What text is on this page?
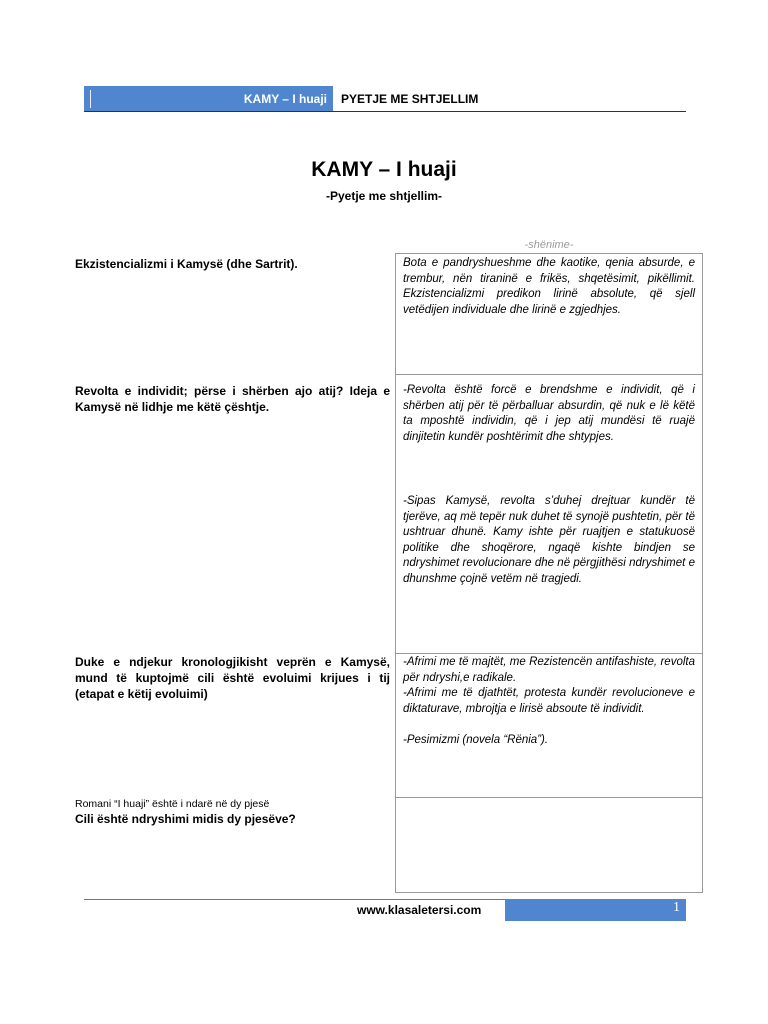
KAMY – I huaji PYETJE ME SHTJELLIM
KAMY – I huaji
-Pyetje me shtjellim-
-shënime-
Ekzistencializmi i Kamysë (dhe Sartrit).
Revolta e individit; përse i shërben ajo atij? Ideja e Kamysë në lidhje me këtë çështje.
Duke e ndjekur kronologjikisht veprën e Kamysë, mund të kuptojmë cili është evoluimi krijues i tij (etapat e këtij evoluimi)
Romani “I huaji” është i ndarë në dy pjesë
Cili është ndryshimi midis dy pjesëve?
Bota e pandryshueshme dhe kaotike, qenia absurde, e trembur, nën tiraninë e frikës, shqetësimit, pikëllimit. Ekzistencializmi predikon lirinë absolute, që sjell vetëdijen individuale dhe lirinë e zgjedhjes.
-Revolta është forcë e brendshme e individit, që i shërben atij për të përballuar absurdin, që nuk e lë këtë ta mposhtë individin, që i jep atij mundësi të ruajë dinjitetin kundër poshtërimit dhe shtypjes.
-Sipas Kamysë, revolta s’duhej drejtuar kundër të tjerëve, aq më tepër nuk duhet të synojë pushtetin, për të ushtruar dhunë. Kamy ishte për ruajtjen e statukuosë politike dhe shoqërore, ngaqë kishte bindjen se ndryshimet revolucionare dhe në përgjithësi ndryshimet e dhunshme çojnë vetëm në tragjedi.
-Afrimi me të majtët, me Rezistencën antifashiste, revolta për ndryshi,e radikale.
-Afrimi me të djathtët, protesta kundër revolucioneve e diktaturave, mbrojtja e lirisë absoute të individit.
-Pesimizmi (novela “Rënia”).
www.klasaletersi.com	1
